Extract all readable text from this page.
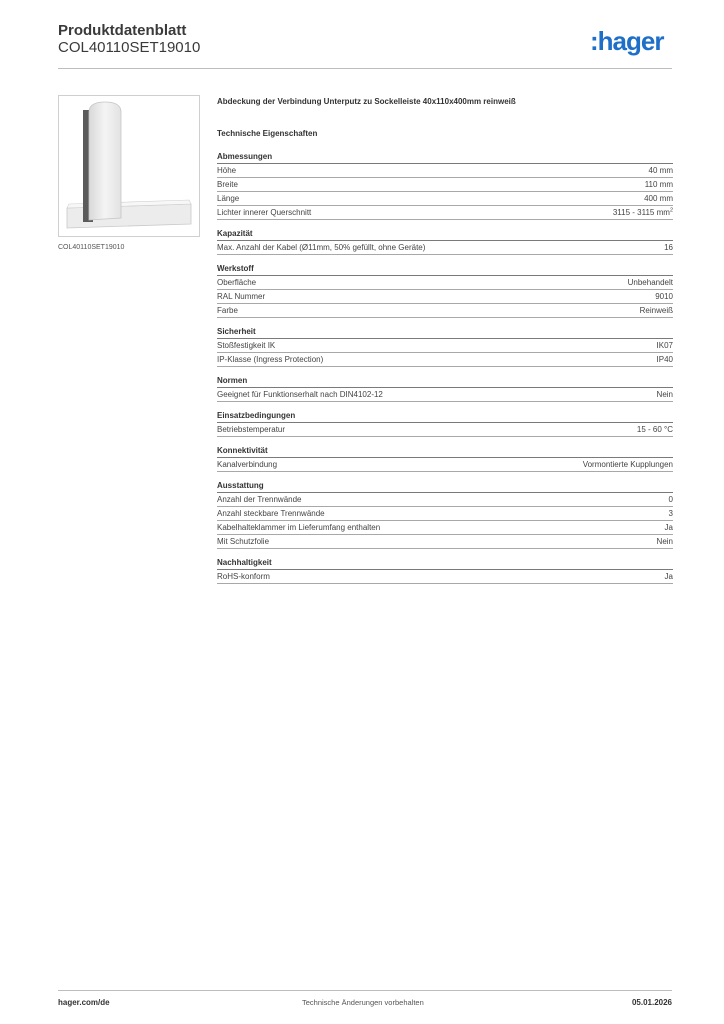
Produktdatenblatt
COL40110SET19010	:hager
COL40110SET19010
Abdeckung der Verbindung Unterputz zu Sockelleiste 40x110x400mm reinweiß
Technische Eigenschaften
Abmessungen
Höhe	40 mm
Breite	110 mm
Länge	400 mm
Lichter innerer Querschnitt	3115 - 3115 $mm^2$
Kapazität
Max. Anzahl der Kabel (Ø11mm, 50% gefüllt, ohne Geräte)	16
Werkstoff
Oberfläche	Unbehandelt
RAL Nummer	9010
Farbe	Reinweiß
Sicherheit
Stoßfestigkeit IK	IK07
IP-Klasse (Ingress Protection)	IP40
Normen
Geeignet für Funktionserhalt nach DIN4102-12	Nein
Einsatzbedingungen
Betriebstemperatur	15 - 60 °C
Konnektivität
Kanalverbindung	Vormontierte Kupplungen
Ausstattung
Anzahl der Trennwände	0
Anzahl steckbare Trennwände	3
Kabelhalteklammer im Lieferumfang enthalten	Ja
Mit Schutzfolie	Nein
Nachhaltigkeit
RoHS-konform	Ja
hager.com/de	Technische Änderungen vorbehalten	05.01.2026
